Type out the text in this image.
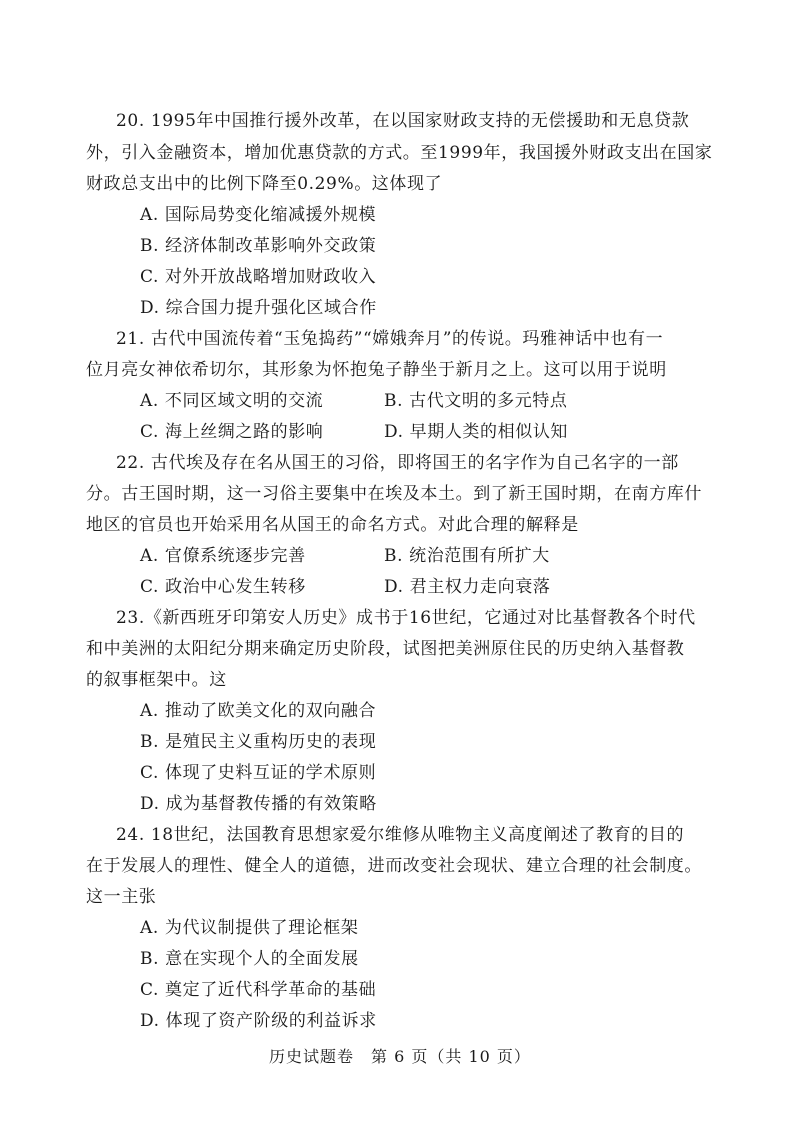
20. 1995年中国推行援外改革，在以国家财政支持的无偿援助和无息贷款
外，引入金融资本，增加优惠贷款的方式。至1999年，我国援外财政支出在国家
财政总支出中的比例下降至0.29%。这体现了
A. 国际局势变化缩减援外规模
B. 经济体制改革影响外交政策
C. 对外开放战略增加财政收入
D. 综合国力提升强化区域合作
21. 古代中国流传着“玉兔捣药”“嫦娥奔月”的传说。玛雅神话中也有一
位月亮女神依希切尔，其形象为怀抱兔子静坐于新月之上。这可以用于说明
A. 不同区域文明的交流	B. 古代文明的多元特点
C. 海上丝绸之路的影响	D. 早期人类的相似认知
22. 古代埃及存在名从国王的习俗，即将国王的名字作为自己名字的一部
分。古王国时期，这一习俗主要集中在埃及本土。到了新王国时期，在南方库什
地区的官员也开始采用名从国王的命名方式。对此合理的解释是
A. 官僚系统逐步完善	B. 统治范围有所扩大
C. 政治中心发生转移	D. 君主权力走向衰落
23.《新西班牙印第安人历史》成书于16世纪，它通过对比基督教各个时代
和中美洲的太阳纪分期来确定历史阶段，试图把美洲原住民的历史纳入基督教
的叙事框架中。这
A. 推动了欧美文化的双向融合
B. 是殖民主义重构历史的表现
C. 体现了史料互证的学术原则
D. 成为基督教传播的有效策略
24. 18世纪，法国教育思想家爱尔维修从唯物主义高度阐述了教育的目的
在于发展人的理性、健全人的道德，进而改变社会现状、建立合理的社会制度。
这一主张
A. 为代议制提供了理论框架
B. 意在实现个人的全面发展
C. 奠定了近代科学革命的基础
D. 体现了资产阶级的利益诉求
历史试题卷　第 6 页（共 10 页）
